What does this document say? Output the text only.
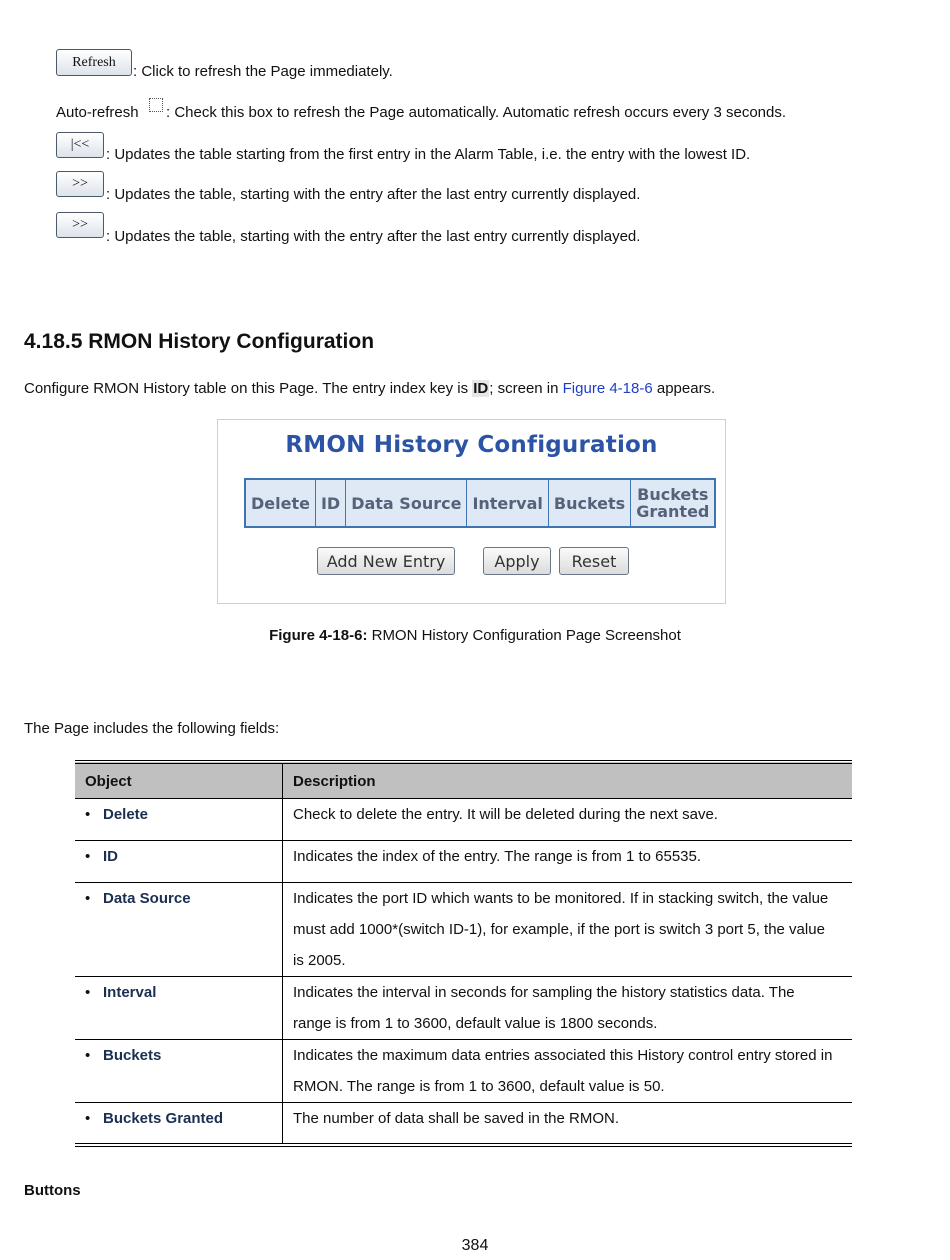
Refresh
: Click to refresh the Page immediately.
Auto-refresh : Check this box to refresh the Page automatically. Automatic refresh occurs every 3 seconds.
|<<
: Updates the table starting from the first entry in the Alarm Table, i.e. the entry with the lowest ID.
>>
: Updates the table, starting with the entry after the last entry currently displayed.
>>
: Updates the table, starting with the entry after the last entry currently displayed.
4.18.5 RMON History Configuration
Configure RMON History table on this Page. The entry index key is ID; screen in Figure 4-18-6 appears.
RMON History Configuration
Delete	ID	Data Source	Interval	Buckets	Buckets Granted
Add New Entry	Apply	Reset
Figure 4-18-6: RMON History Configuration Page Screenshot
The Page includes the following fields:
Object	Description
• Delete	Check to delete the entry. It will be deleted during the next save.

• ID	Indicates the index of the entry. The range is from 1 to 65535.

• Data Source	Indicates the port ID which wants to be monitored. If in stacking switch, the value
must add 1000*(switch ID-1), for example, if the port is switch 3 port 5, the value
is 2005.

• Interval	Indicates the interval in seconds for sampling the history statistics data. The
range is from 1 to 3600, default value is 1800 seconds.

• Buckets	Indicates the maximum data entries associated this History control entry stored in
RMON. The range is from 1 to 3600, default value is 50.

• Buckets Granted	The number of data shall be saved in the RMON.
Buttons
384
